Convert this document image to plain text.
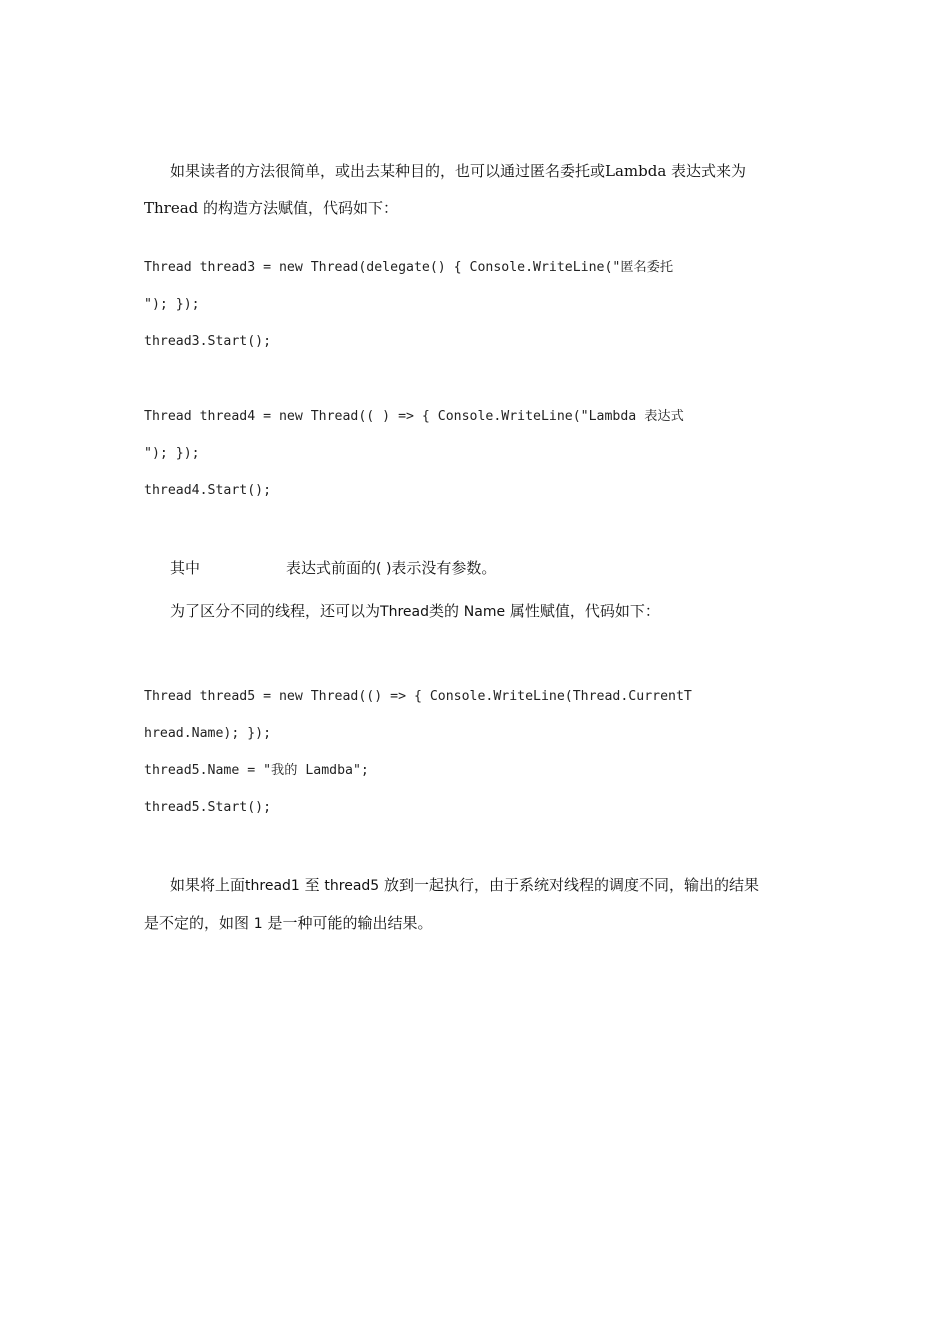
如果读者的方法很简单，或出去某种目的，也可以通过匿名委托或Lambda 表达式来为

Thread 的构造方法赋值，代码如下：

Thread thread3 = new Thread(delegate() { Console.WriteLine("匿名委托

"); });

thread3.Start();

Thread thread4 = new Thread(( ) => { Console.WriteLine("Lambda 表达式

"); });

thread4.Start();

其中	表达式前面的( )表示没有参数。

为了区分不同的线程，还可以为Thread类的 Name 属性赋值，代码如下：

Thread thread5 = new Thread(() => { Console.WriteLine(Thread.CurrentT

hread.Name); });

thread5.Name = "我的 Lamdba";

thread5.Start();

如果将上面thread1 至 thread5 放到一起执行，由于系统对线程的调度不同，输出的结果

是不定的，如图 1 是一种可能的输出结果。
